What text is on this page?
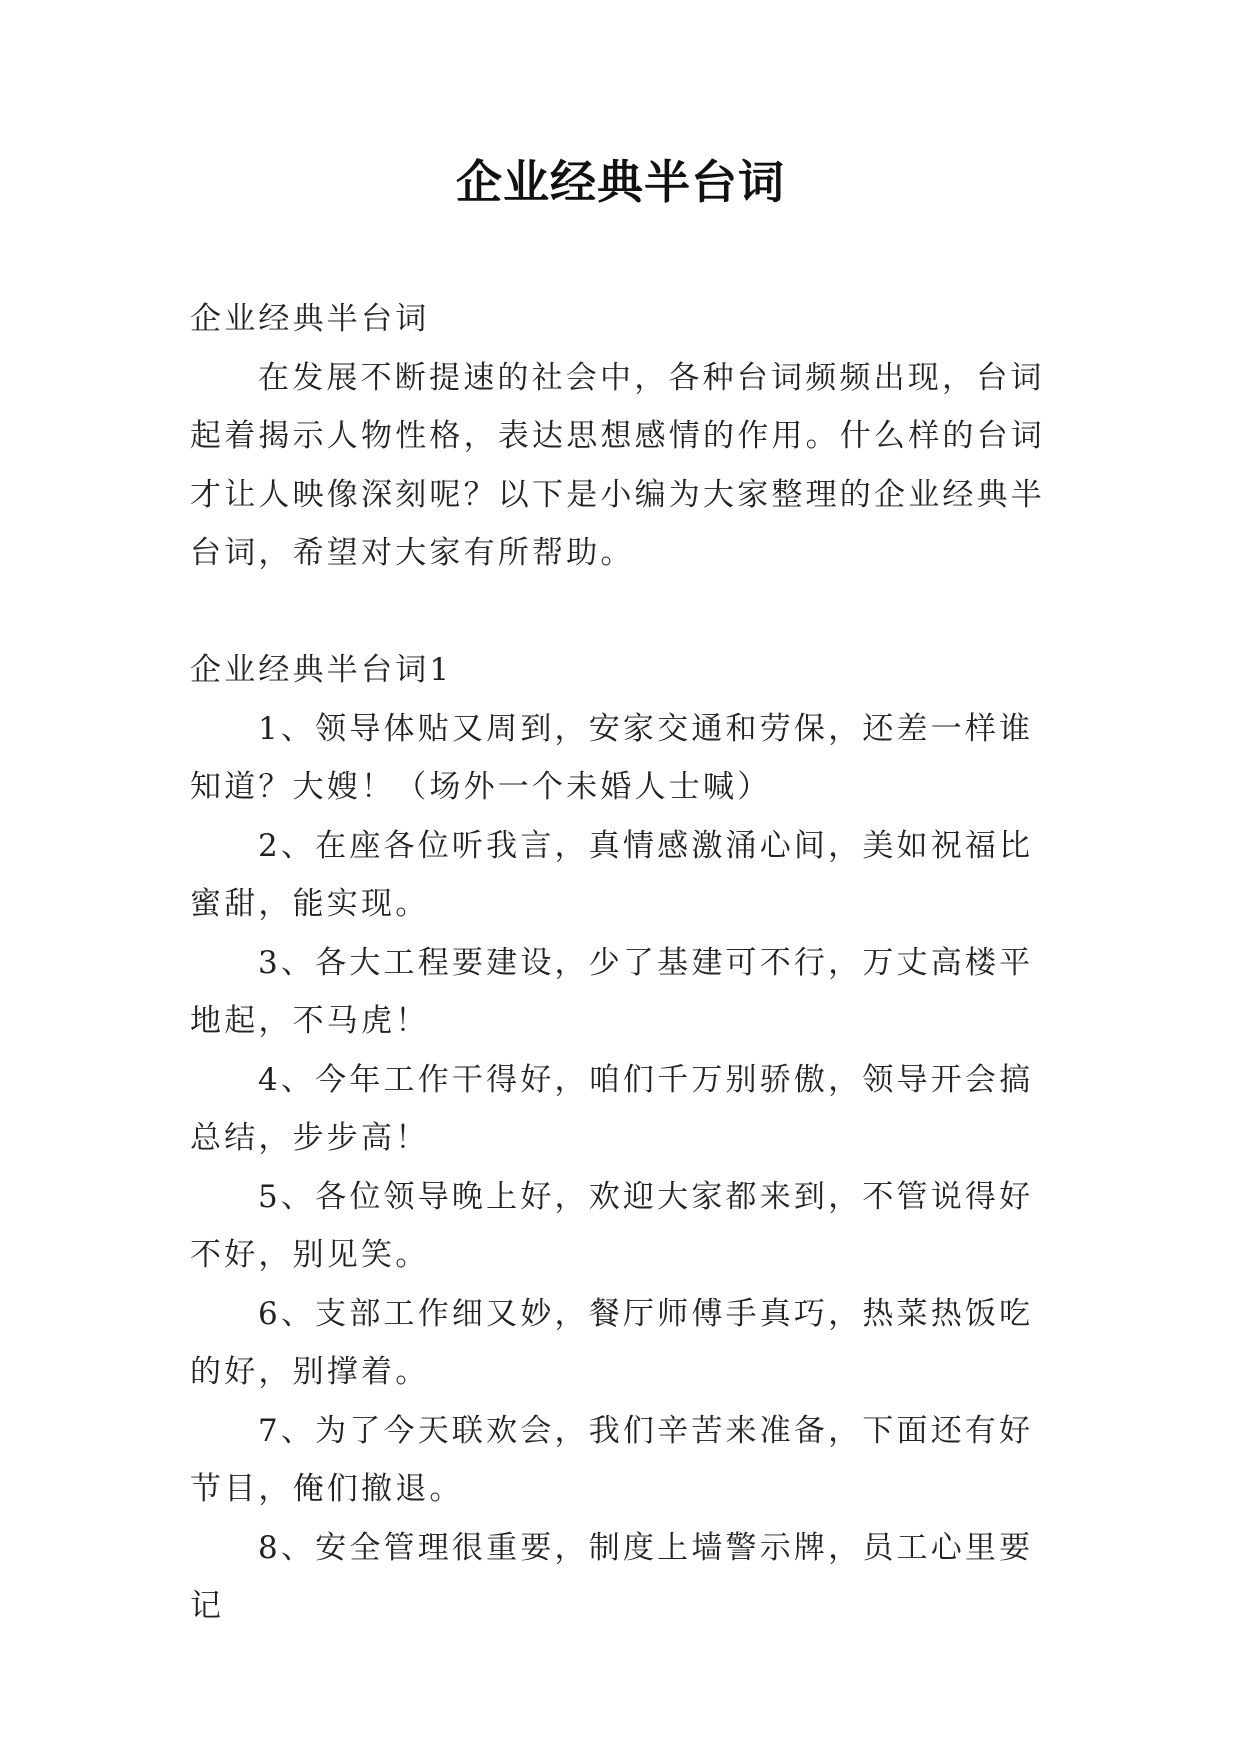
企业经典半台词

企业经典半台词

在发展不断提速的社会中，各种台词频频出现，台词起着揭示人物性格，表达思想感情的作用。什么样的台词才让人映像深刻呢？以下是小编为大家整理的企业经典半台词，希望对大家有所帮助。

企业经典半台词1

1、领导体贴又周到，安家交通和劳保，还差一样谁知道？大嫂！（场外一个未婚人士喊）

2、在座各位听我言，真情感激涌心间，美如祝福比蜜甜，能实现。

3、各大工程要建设，少了基建可不行，万丈高楼平地起，不马虎！

4、今年工作干得好，咱们千万别骄傲，领导开会搞总结，步步高！

5、各位领导晚上好，欢迎大家都来到，不管说得好不好，别见笑。

6、支部工作细又妙，餐厅师傅手真巧，热菜热饭吃的好，别撑着。

7、为了今天联欢会，我们辛苦来准备，下面还有好节目，俺们撤退。

8、安全管理很重要，制度上墙警示牌，员工心里要记
